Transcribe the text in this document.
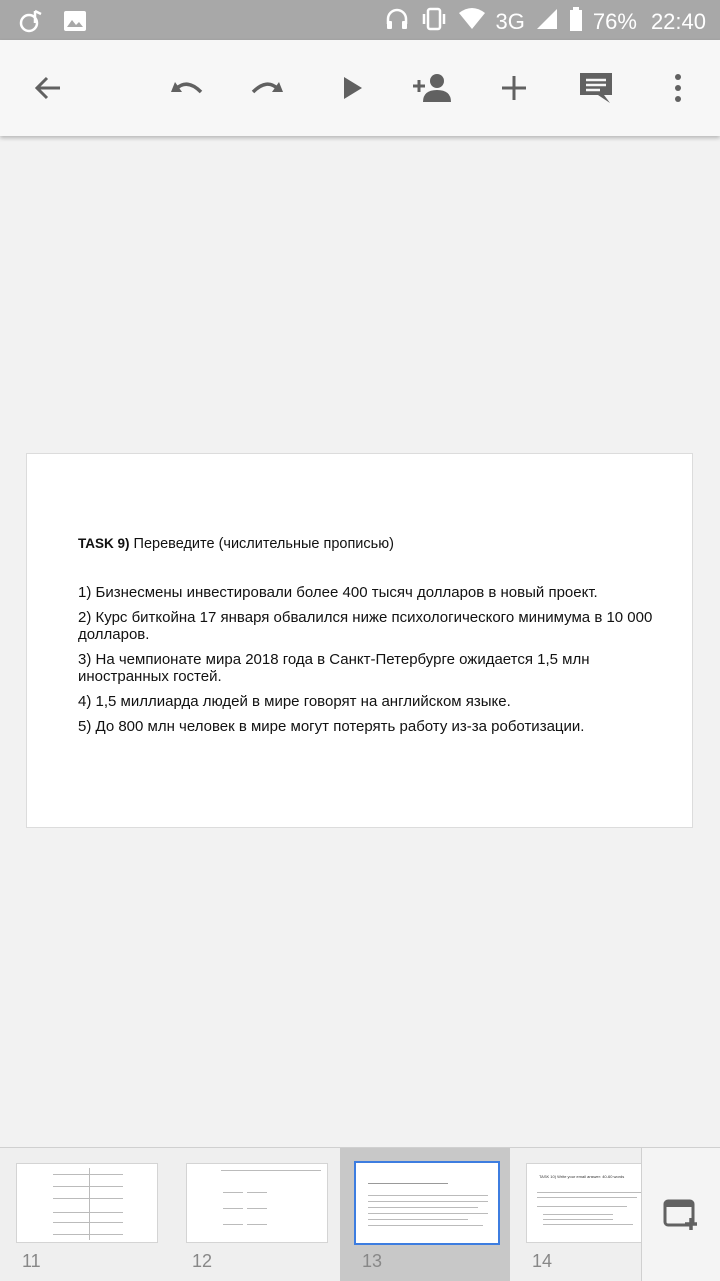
3G	76% 22:40
TASK 9) Переведите (числительные прописью)
1) Бизнесмены инвестировали более 400 тысяч долларов в новый проект.
2) Курс биткойна 17 января обвалился ниже психологического минимума в 10 000 долларов.
3) На чемпионате мира 2018 года в Санкт-Петербурге ожидается 1,5 млн иностранных гостей.
4) 1,5 миллиарда людей в мире говорят на английском языке.
5) До 800 млн человек в мире могут потерять работу из-за роботизации.
11	12	13
TASK 10) Write your email answer: 40-60 words
14
